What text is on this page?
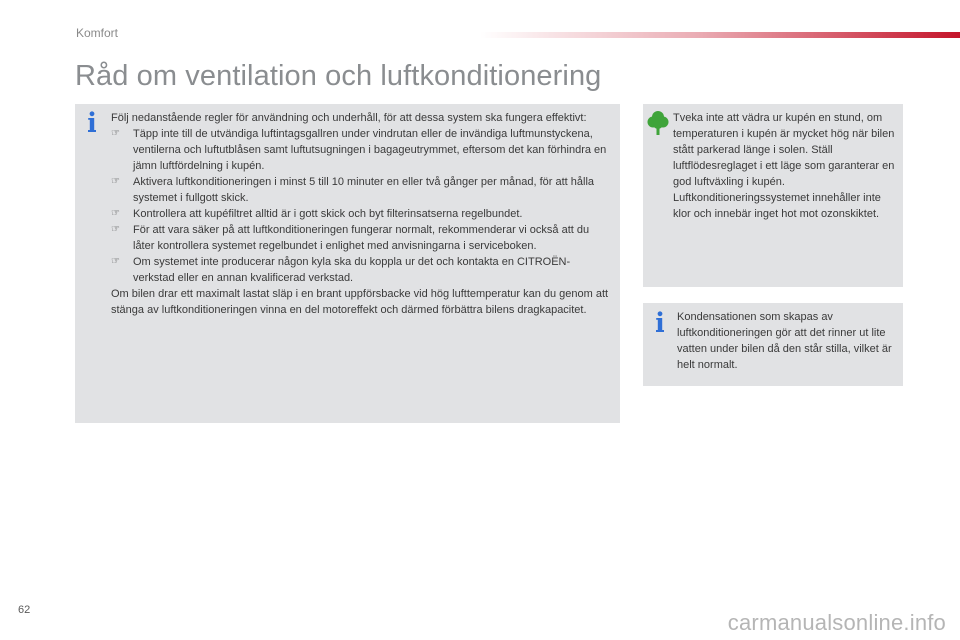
Komfort
Råd om ventilation och luftkonditionering

Följ nedanstående regler för användning och underhåll, för att dessa system ska fungera effektivt:

☞	Täpp inte till de utvändiga luftintagsgallren under vindrutan eller de invändiga luftmunstyckena, ventilerna och luftutblåsen samt luftutsugningen i bagageutrymmet, eftersom det kan förhindra en jämn luftfördelning i kupén.
☞	Aktivera luftkonditioneringen i minst 5 till 10 minuter en eller två gånger per månad, för att hålla systemet i fullgott skick.
☞	Kontrollera att kupéfiltret alltid är i gott skick och byt filterinsatserna regelbundet.
☞	För att vara säker på att luftkonditioneringen fungerar normalt, rekommenderar vi också att du låter kontrollera systemet regelbundet i enlighet med anvisningarna i serviceboken.
☞	Om systemet inte producerar någon kyla ska du koppla ur det och kontakta en CITROËN-verkstad eller en annan kvalificerad verkstad.

Om bilen drar ett maximalt lastat släp i en brant uppförsbacke vid hög lufttemperatur kan du genom att stänga av luftkonditioneringen vinna en del motoreffekt och därmed förbättra bilens dragkapacitet.

Tveka inte att vädra ur kupén en stund, om temperaturen i kupén är mycket hög när bilen stått parkerad länge i solen. Ställ luftflödesreglaget i ett läge som garanterar en god luftväxling i kupén. Luftkonditioneringssystemet innehåller inte klor och innebär inget hot mot ozonskiktet.
Kondensationen som skapas av luftkonditioneringen gör att det rinner ut lite vatten under bilen då den står stilla, vilket är helt normalt.
62	carmanualsonline.info
